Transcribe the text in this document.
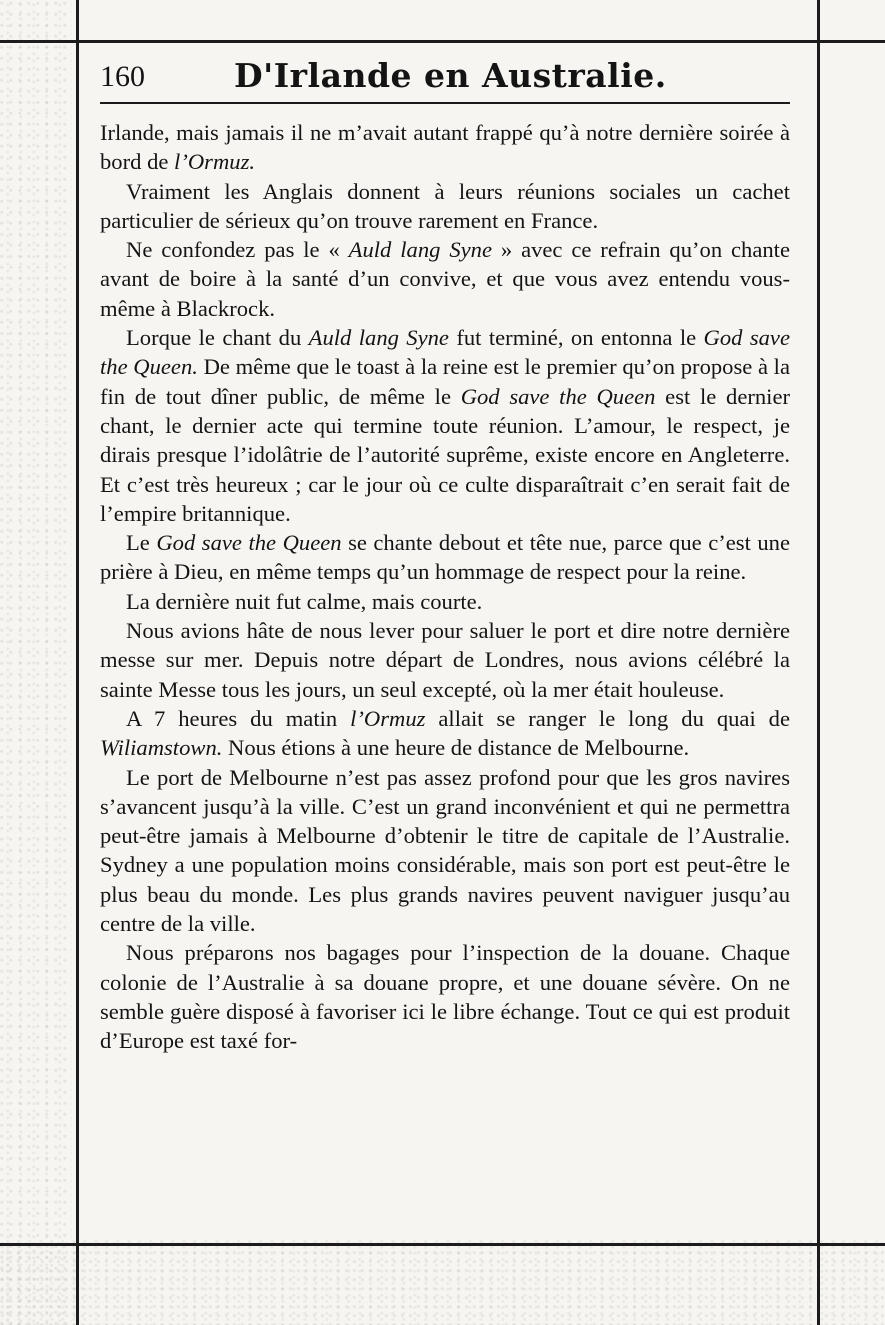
160	D'Irlande en Australie.

Irlande, mais jamais il ne m’avait autant frappé qu’à notre dernière soirée à bord de l’Ormuz.

Vraiment les Anglais donnent à leurs réunions sociales un cachet particulier de sérieux qu’on trouve rarement en France.

Ne confondez pas le « Auld lang Syne » avec ce refrain qu’on chante avant de boire à la santé d’un convive, et que vous avez entendu vous-même à Blackrock.

Lorque le chant du Auld lang Syne fut terminé, on entonna le God save the Queen. De même que le toast à la reine est le premier qu’on propose à la fin de tout dîner public, de même le God save the Queen est le dernier chant, le dernier acte qui termine toute réunion. L’amour, le respect, je dirais presque l’idolâtrie de l’autorité suprême, existe encore en Angleterre. Et c’est très heureux ; car le jour où ce culte disparaîtrait c’en serait fait de l’empire britannique.

Le God save the Queen se chante debout et tête nue, parce que c’est une prière à Dieu, en même temps qu’un hommage de respect pour la reine.

La dernière nuit fut calme, mais courte.

Nous avions hâte de nous lever pour saluer le port et dire notre dernière messe sur mer. Depuis notre départ de Londres, nous avions célébré la sainte Messe tous les jours, un seul excepté, où la mer était houleuse.

A 7 heures du matin l’Ormuz allait se ranger le long du quai de Wiliamstown. Nous étions à une heure de distance de Melbourne.

Le port de Melbourne n’est pas assez profond pour que les gros navires s’avancent jusqu’à la ville. C’est un grand inconvénient et qui ne permettra peut-être jamais à Melbourne d’obtenir le titre de capitale de l’Australie. Sydney a une population moins considérable, mais son port est peut-être le plus beau du monde. Les plus grands navires peuvent naviguer jusqu’au centre de la ville.

Nous préparons nos bagages pour l’inspection de la douane. Chaque colonie de l’Australie à sa douane propre, et une douane sévère. On ne semble guère disposé à favoriser ici le libre échange. Tout ce qui est produit d’Europe est taxé for-
